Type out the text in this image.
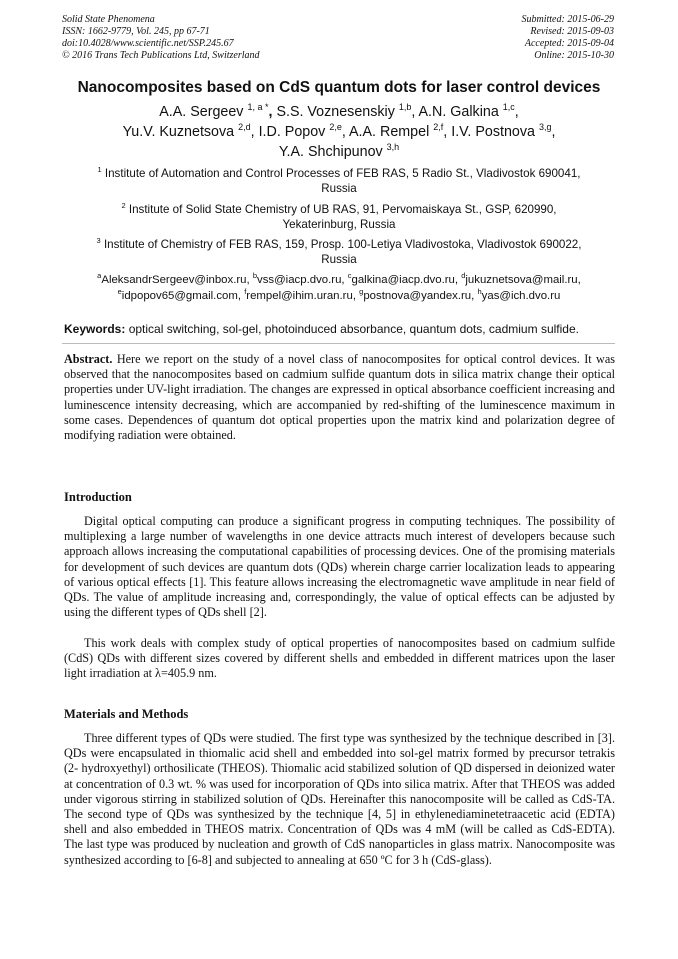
Solid State Phenomena
ISSN: 1662-9779, Vol. 245, pp 67-71
doi:10.4028/www.scientific.net/SSP.245.67
© 2016 Trans Tech Publications Ltd, Switzerland
Submitted: 2015-06-29
Revised: 2015-09-03
Accepted: 2015-09-04
Online: 2015-10-30
Nanocomposites based on CdS quantum dots for laser control devices
A.A. Sergeev $^{1, a *}$, S.S. Voznesenskiy $^{1,b}$, A.N. Galkina $^{1,c}$,
Yu.V. Kuznetsova $^{2,d}$, I.D. Popov $^{2,e}$, A.A. Rempel $^{2,f}$, I.V. Postnova $^{3,g}$,
Y.A. Shchipunov $^{3,h}$
$^1$ Institute of Automation and Control Processes of FEB RAS, 5 Radio St., Vladivostok 690041,
Russia
$^2$ Institute of Solid State Chemistry of UB RAS, 91, Pervomaiskaya St., GSP, 620990,
Yekaterinburg, Russia
$^3$ Institute of Chemistry of FEB RAS, 159, Prosp. 100-Letiya Vladivostoka, Vladivostok 690022,
Russia
$^a$AleksandrSergeev@inbox.ru, $^b$vss@iacp.dvo.ru, $^c$galkina@iacp.dvo.ru, $^d$jukuznetsova@mail.ru,
$^e$idpopov65@gmail.com, $^f$rempel@ihim.uran.ru, $^g$postnova@yandex.ru, $^h$yas@ich.dvo.ru
Keywords: optical switching, sol-gel, photoinduced absorbance, quantum dots, cadmium sulfide.
Abstract. Here we report on the study of a novel class of nanocomposites for optical control devices. It was observed that the nanocomposites based on cadmium sulfide quantum dots in silica matrix change their optical properties under UV-light irradiation. The changes are expressed in optical absorbance coefficient increasing and luminescence intensity decreasing, which are accompanied by red-shifting of the luminescence maximum in some cases. Dependences of quantum dot optical properties upon the matrix kind and polarization degree of modifying radiation were obtained.
Introduction
Digital optical computing can produce a significant progress in computing techniques. The possibility of multiplexing a large number of wavelengths in one device attracts much interest of developers because such approach allows increasing the computational capabilities of processing devices. One of the promising materials for development of such devices are quantum dots (QDs) wherein charge carrier localization leads to appearing of various optical effects [1]. This feature allows increasing the electromagnetic wave amplitude in near field of QDs. The value of amplitude increasing and, correspondingly, the value of optical effects can be adjusted by using the different types of QDs shell [2].
This work deals with complex study of optical properties of nanocomposites based on cadmium sulfide (CdS) QDs with different sizes covered by different shells and embedded in different matrices upon the laser light irradiation at λ=405.9 nm.
Materials and Methods
Three different types of QDs were studied. The first type was synthesized by the technique described in [3]. QDs were encapsulated in thiomalic acid shell and embedded into sol-gel matrix formed by precursor tetrakis (2- hydroxyethyl) orthosilicate (THEOS). Thiomalic acid stabilized solution of QD dispersed in deionized water at concentration of 0.3 wt. % was used for incorporation of QDs into silica matrix. After that THEOS was added under vigorous stirring in stabilized solution of QDs. Hereinafter this nanocomposite will be called as CdS-TA. The second type of QDs was synthesized by the technique [4, 5] in ethylenediaminetetraacetic acid (EDTA) shell and also embedded in THEOS matrix. Concentration of QDs was 4 mM (will be called as CdS-EDTA). The last type was produced by nucleation and growth of CdS nanoparticles in glass matrix. Nanocomposite was synthesized according to [6-8] and subjected to annealing at 650 ºC for 3 h (CdS-glass).
